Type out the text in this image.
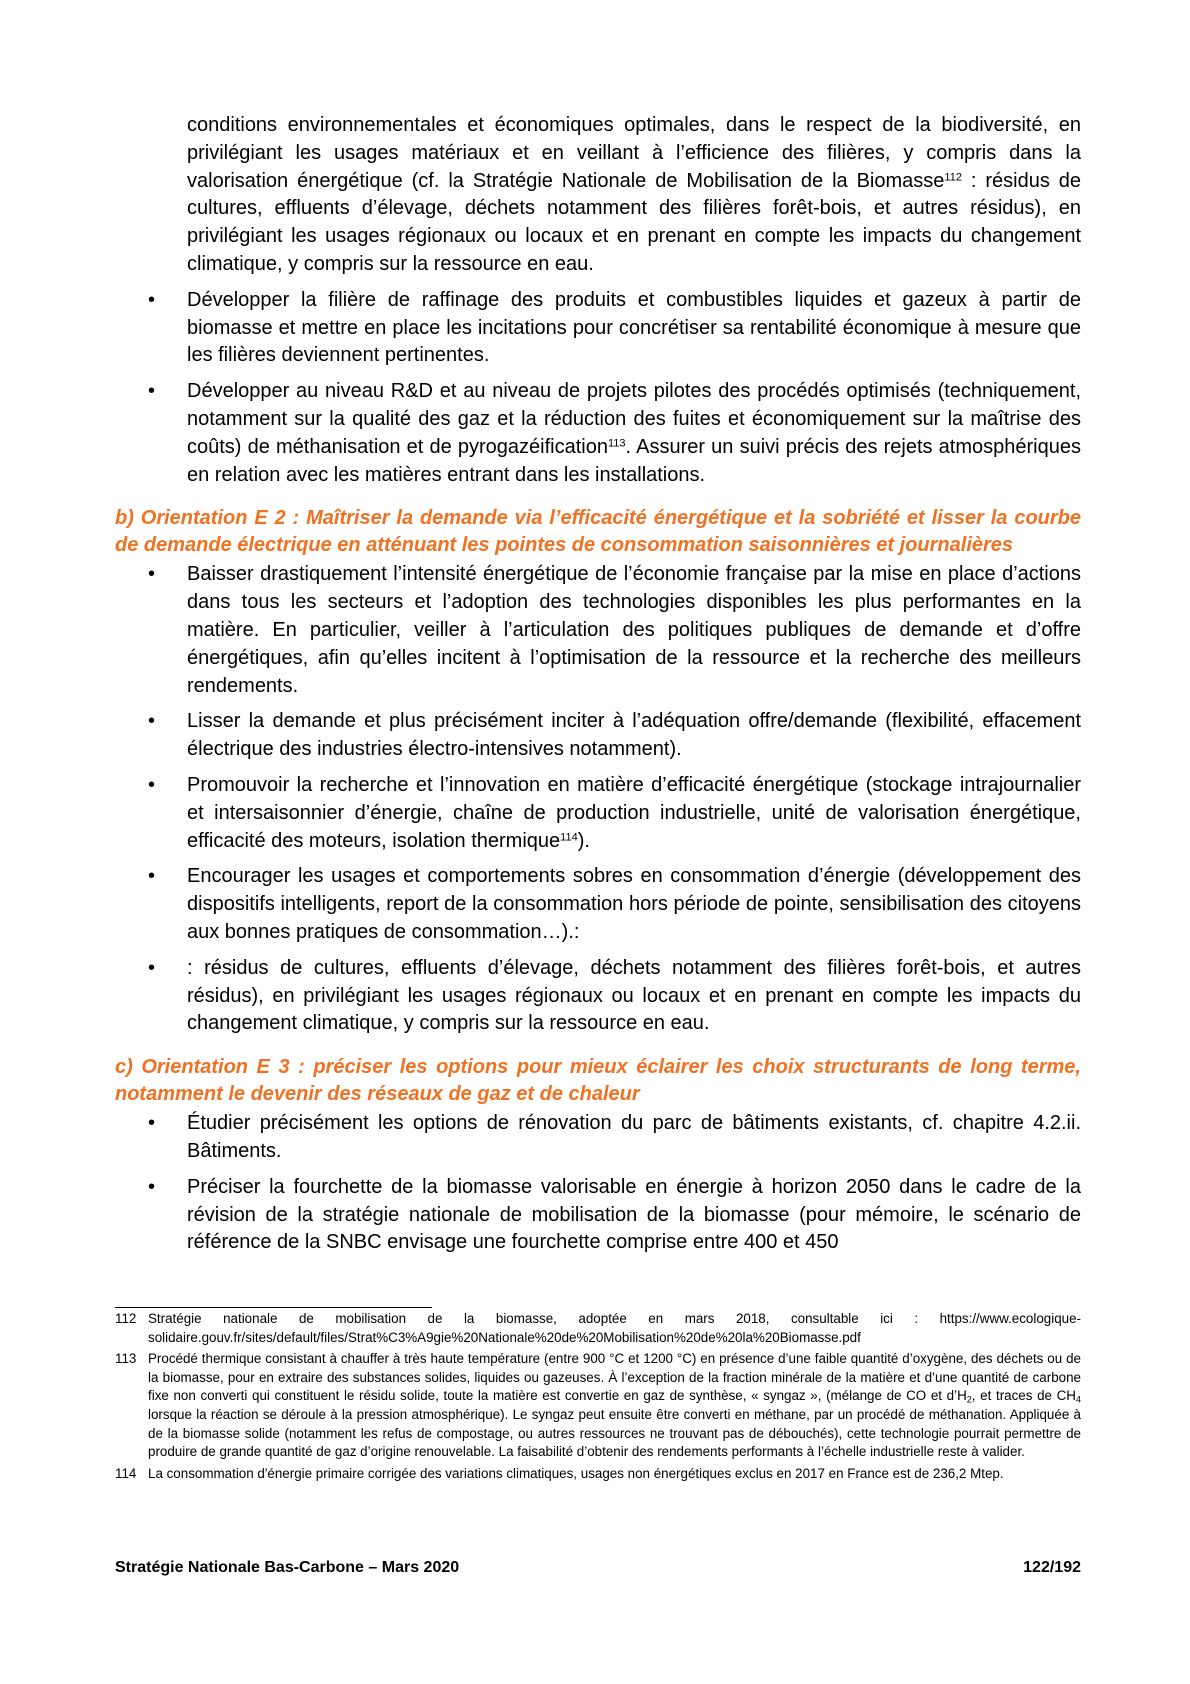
conditions environnementales et économiques optimales, dans le respect de la biodiversité, en privilégiant les usages matériaux et en veillant à l’efficience des filières, y compris dans la valorisation énergétique (cf. la Stratégie Nationale de Mobilisation de la Biomasse$^{112}$ : résidus de cultures, effluents d’élevage, déchets notamment des filières forêt-bois, et autres résidus), en privilégiant les usages régionaux ou locaux et en prenant en compte les impacts du changement climatique, y compris sur la ressource en eau.

• Développer la filière de raffinage des produits et combustibles liquides et gazeux à partir de biomasse et mettre en place les incitations pour concrétiser sa rentabilité économique à mesure que les filières deviennent pertinentes.
• Développer au niveau R&D et au niveau de projets pilotes des procédés optimisés (techniquement, notamment sur la qualité des gaz et la réduction des fuites et économiquement sur la maîtrise des coûts) de méthanisation et de pyrogazéification$^{113}$. Assurer un suivi précis des rejets atmosphériques en relation avec les matières entrant dans les installations.

b) Orientation E 2 : Maîtriser la demande via l’efficacité énergétique et la sobriété et lisser la courbe de demande électrique en atténuant les pointes de consommation saisonnières et journalières

• Baisser drastiquement l’intensité énergétique de l’économie française par la mise en place d’actions dans tous les secteurs et l’adoption des technologies disponibles les plus performantes en la matière. En particulier, veiller à l’articulation des politiques publiques de demande et d’offre énergétiques, afin qu’elles incitent à l’optimisation de la ressource et la recherche des meilleurs rendements.
• Lisser la demande et plus précisément inciter à l’adéquation offre/demande (flexibilité, effacement électrique des industries électro-intensives notamment).
• Promouvoir la recherche et l’innovation en matière d’efficacité énergétique (stockage intrajournalier et intersaisonnier d’énergie, chaîne de production industrielle, unité de valorisation énergétique, efficacité des moteurs, isolation thermique$^{114}$).
• Encourager les usages et comportements sobres en consommation d’énergie (développement des dispositifs intelligents, report de la consommation hors période de pointe, sensibilisation des citoyens aux bonnes pratiques de consommation…).:
• : résidus de cultures, effluents d’élevage, déchets notamment des filières forêt-bois, et autres résidus), en privilégiant les usages régionaux ou locaux et en prenant en compte les impacts du changement climatique, y compris sur la ressource en eau.

c) Orientation E 3 : préciser les options pour mieux éclairer les choix structurants de long terme, notamment le devenir des réseaux de gaz et de chaleur

• Étudier précisément les options de rénovation du parc de bâtiments existants, cf. chapitre 4.2.ii. Bâtiments.
• Préciser la fourchette de la biomasse valorisable en énergie à horizon 2050 dans le cadre de la révision de la stratégie nationale de mobilisation de la biomasse (pour mémoire, le scénario de référence de la SNBC envisage une fourchette comprise entre 400 et 450
112 Stratégie nationale de mobilisation de la biomasse, adoptée en mars 2018, consultable ici : https://www.ecologique-solidaire.gouv.fr/sites/default/files/Strat%C3%A9gie%20Nationale%20de%20Mobilisation%20de%20la%20Biomasse.pdf
113 Procédé thermique consistant à chauffer à très haute température (entre 900 °C et 1200 °C) en présence d’une faible quantité d’oxygène, des déchets ou de la biomasse, pour en extraire des substances solides, liquides ou gazeuses. À l’exception de la fraction minérale de la matière et d’une quantité de carbone fixe non converti qui constituent le résidu solide, toute la matière est convertie en gaz de synthèse, « syngaz », (mélange de CO et $d’H_2$, et traces de $CH_4$ lorsque la réaction se déroule à la pression atmosphérique). Le syngaz peut ensuite être converti en méthane, par un procédé de méthanation. Appliquée à de la biomasse solide (notamment les refus de compostage, ou autres ressources ne trouvant pas de débouchés), cette technologie pourrait permettre de produire de grande quantité de gaz d’origine renouvelable. La faisabilité d’obtenir des rendements performants à l’échelle industrielle reste à valider.
114 La consommation d'énergie primaire corrigée des variations climatiques, usages non énergétiques exclus en 2017 en France est de 236,2 Mtep.
Stratégie Nationale Bas-Carbone – Mars 2020	122/192
